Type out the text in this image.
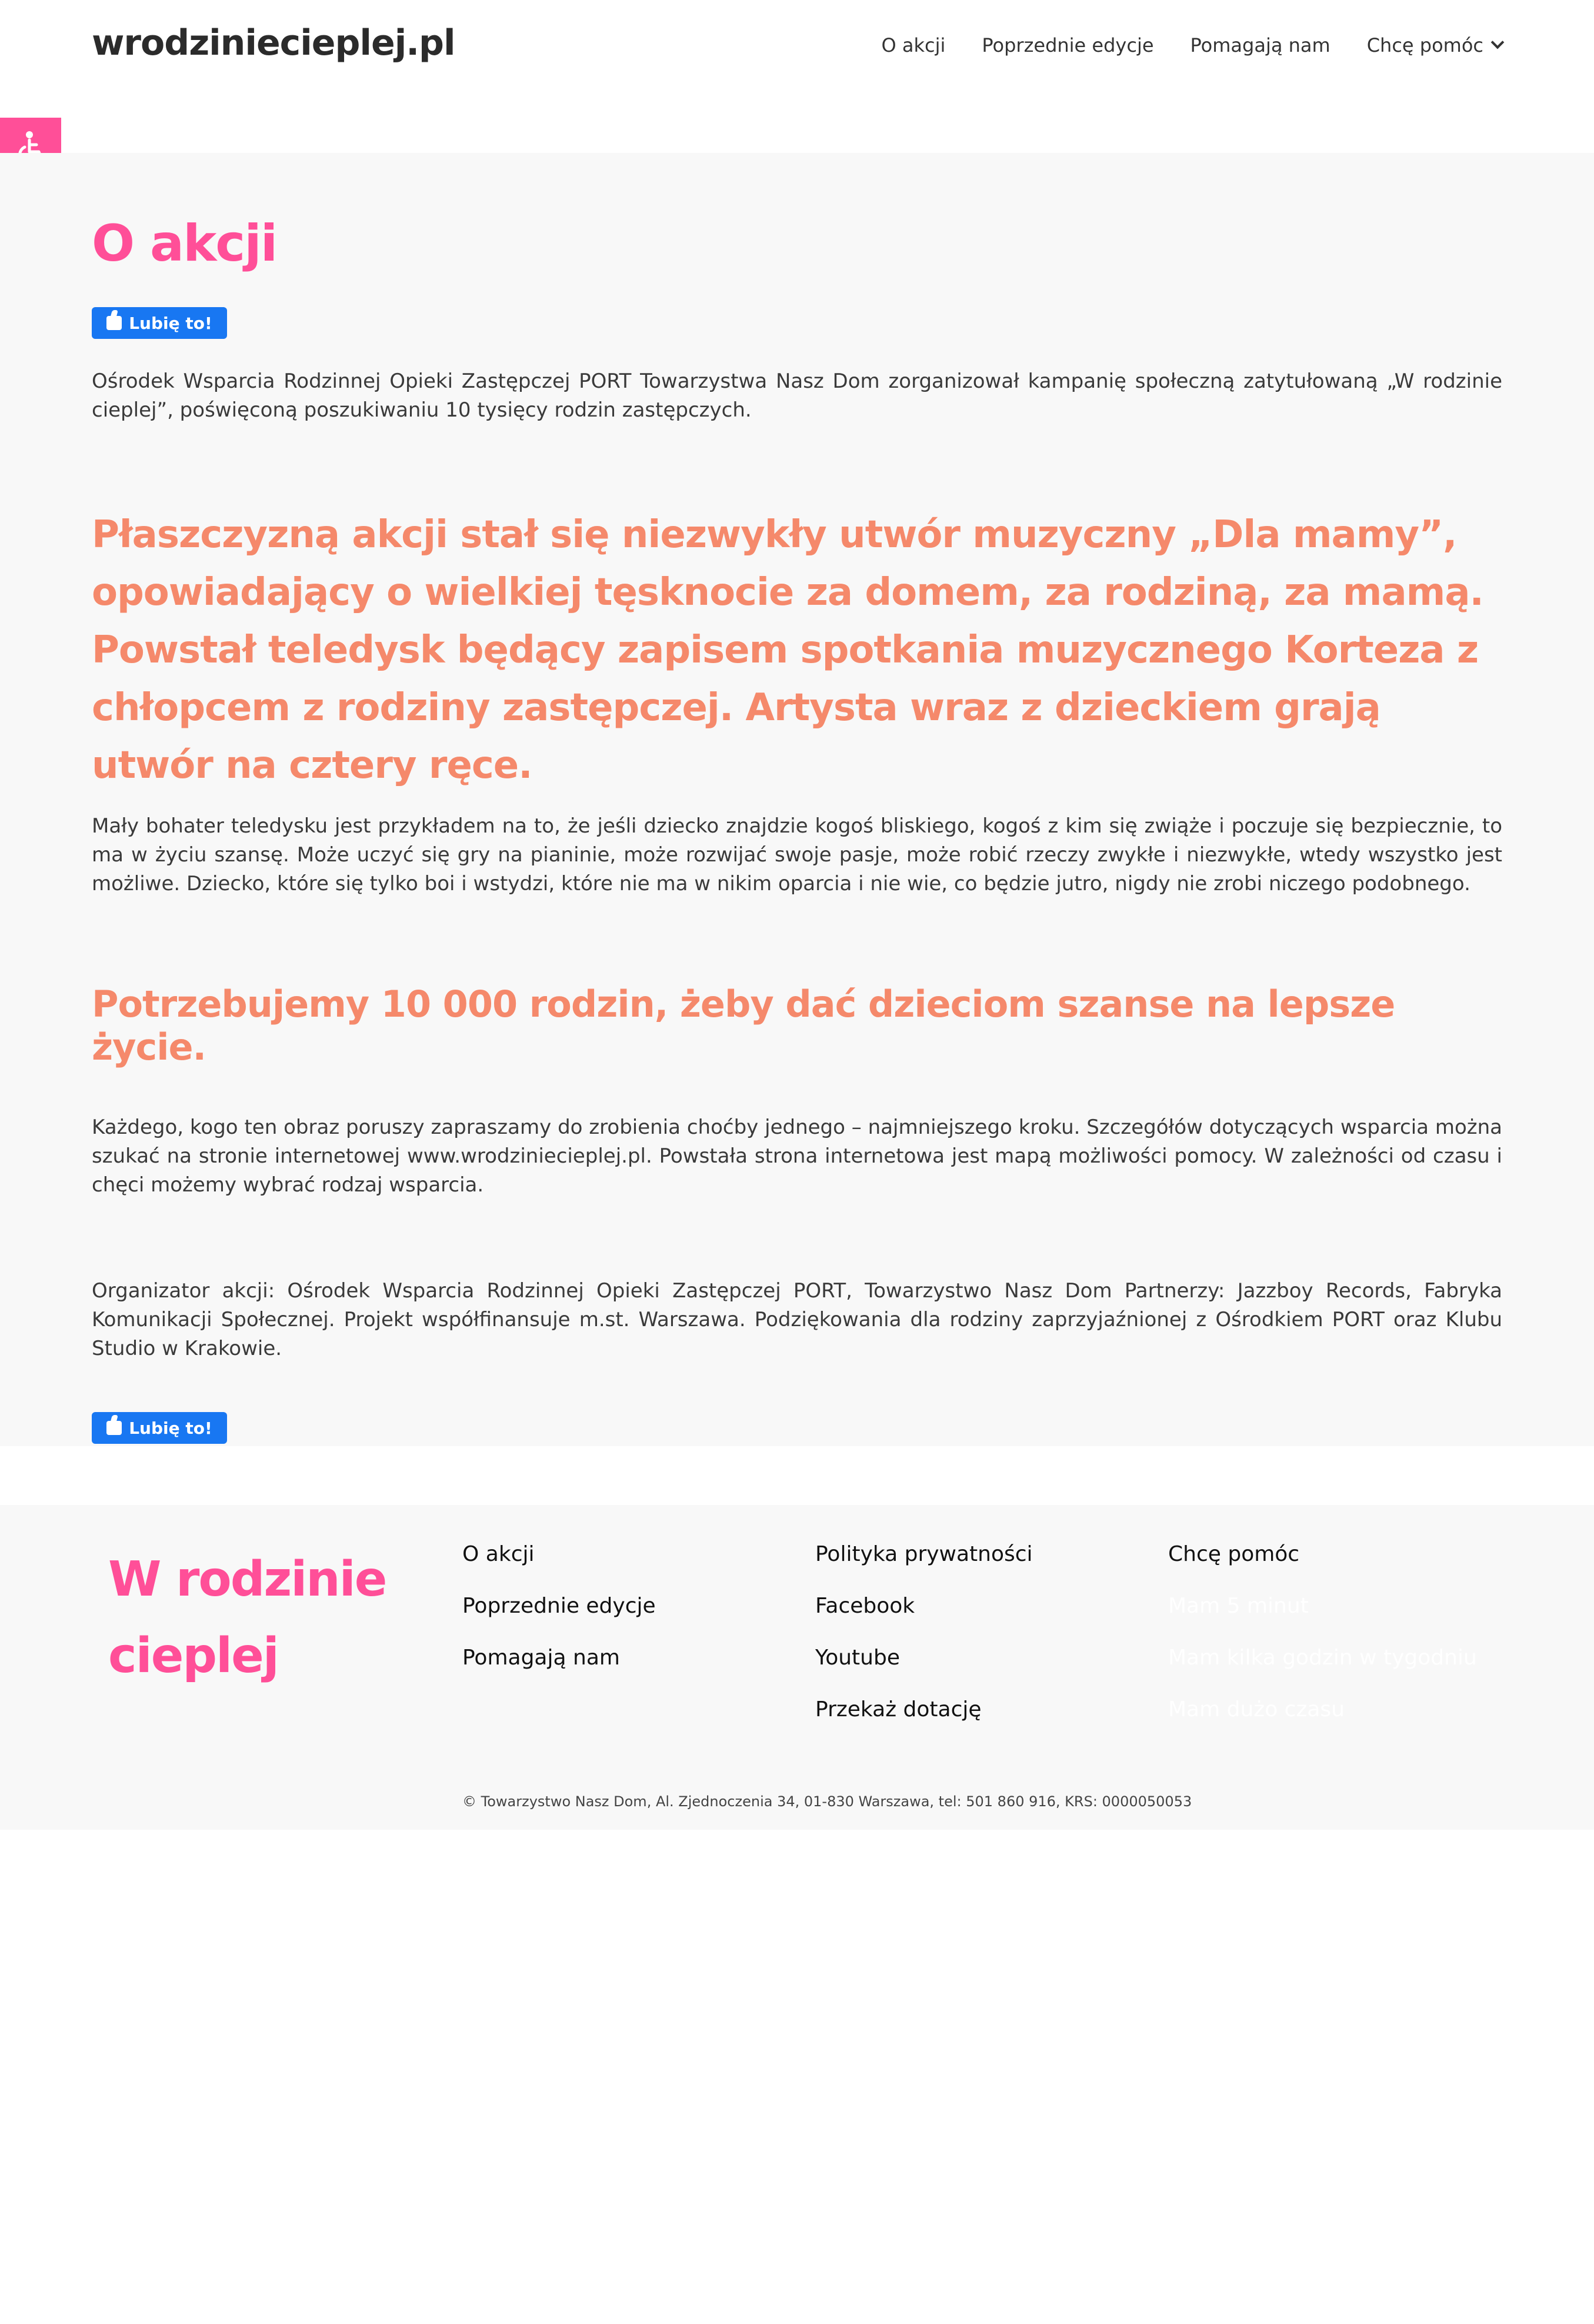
wrodziniecieplej.pl	O akcji Poprzednie edycje Pomagają nam Chcę pomóc
O akcji
Lubię to!

Ośrodek Wsparcia Rodzinnej Opieki Zastępczej PORT Towarzystwa Nasz Dom zorganizował kampanię społeczną zatytułowaną „W rodzinie cieplej”, poświęconą poszukiwaniu 10 tysięcy rodzin zastępczych.

Płaszczyzną akcji stał się niezwykły utwór muzyczny „Dla mamy”, opowiadający o wielkiej tęsknocie za domem, za rodziną, za mamą. Powstał teledysk będący zapisem spotkania muzycznego Korteza z chłopcem z rodziny zastępczej. Artysta wraz z dzieckiem grają utwór na cztery ręce.

Mały bohater teledysku jest przykładem na to, że jeśli dziecko znajdzie kogoś bliskiego, kogoś z kim się zwiąże i poczuje się bezpiecznie, to ma w życiu szansę. Może uczyć się gry na pianinie, może rozwijać swoje pasje, może robić rzeczy zwykłe i niezwykłe, wtedy wszystko jest możliwe. Dziecko, które się tylko boi i wstydzi, które nie ma w nikim oparcia i nie wie, co będzie jutro, nigdy nie zrobi niczego podobnego.

Potrzebujemy 10 000 rodzin, żeby dać dzieciom szanse na lepsze życie.

Każdego, kogo ten obraz poruszy zapraszamy do zrobienia choćby jednego – najmniejszego kroku. Szczegółów dotyczących wsparcia można szukać na stronie internetowej www.wrodziniecieplej.pl. Powstała strona internetowa jest mapą możliwości pomocy. W zależności od czasu i chęci możemy wybrać rodzaj wsparcia.

Organizator akcji: Ośrodek Wsparcia Rodzinnej Opieki Zastępczej PORT, Towarzystwo Nasz Dom Partnerzy: Jazzboy Records, Fabryka Komunikacji Społecznej. Projekt współfinansuje m.st. Warszawa. Podziękowania dla rodziny zaprzyjaźnionej z Ośrodkiem PORT oraz Klubu Studio w Krakowie.

Lubię to!
W rodzinie
cieplej
O akcji
Poprzednie edycje
Pomagają nam
Polityka prywatności
Facebook
Youtube
Przekaż dotację
Chcę pomóc
Mam 5 minut
Mam kilka godzin w tygodniu
Mam dużo czasu
© Towarzystwo Nasz Dom, Al. Zjednoczenia 34, 01-830 Warszawa, tel: 501 860 916, KRS: 0000050053
